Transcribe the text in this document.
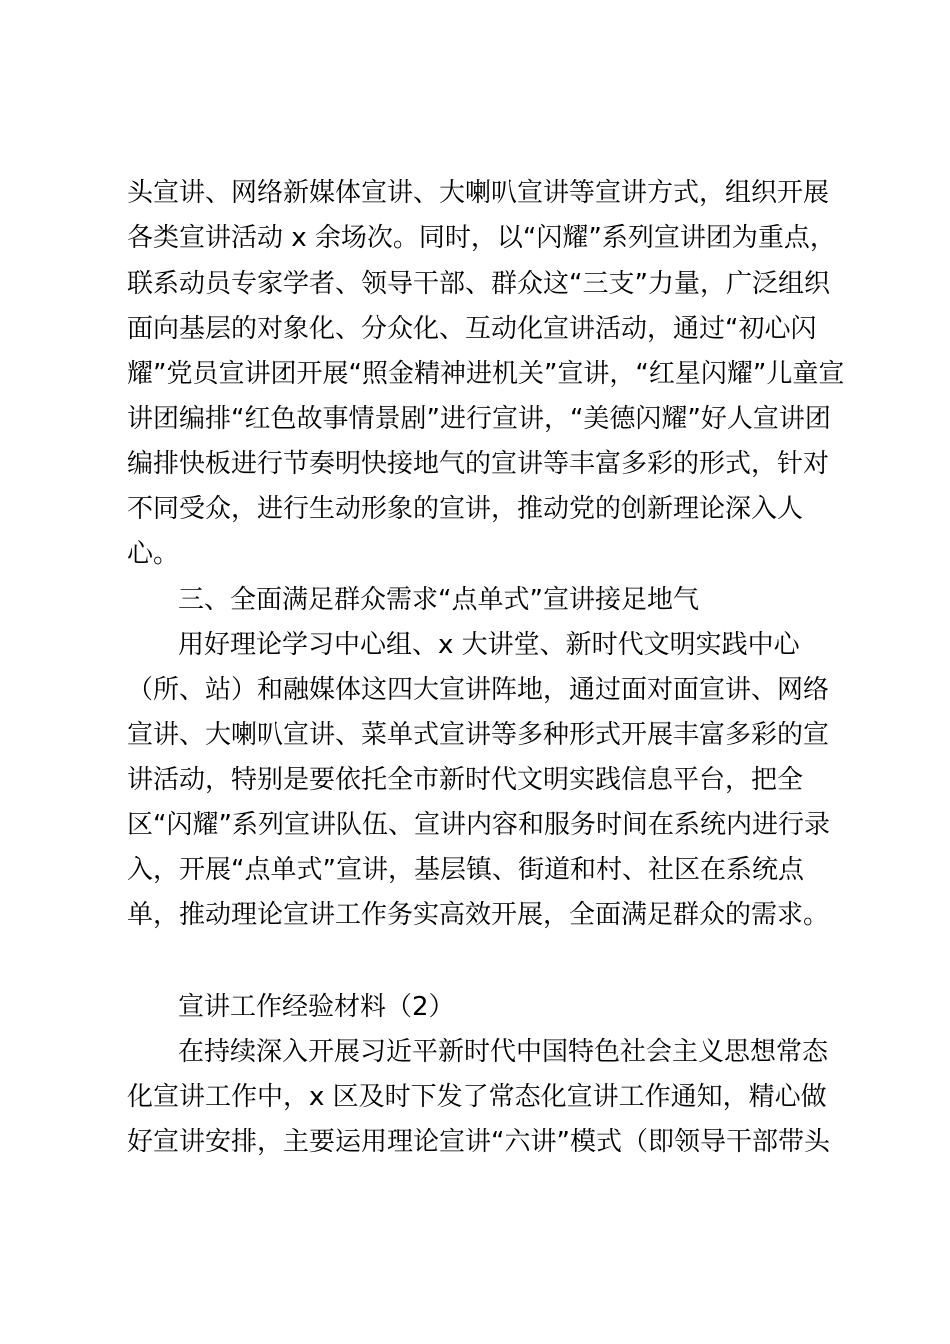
头宣讲、网络新媒体宣讲、大喇叭宣讲等宣讲方式，组织开展
各类宣讲活动 x 余场次。同时，以“闪耀”系列宣讲团为重点，
联系动员专家学者、领导干部、群众这“三支”力量，广泛组织
面向基层的对象化、分众化、互动化宣讲活动，通过“初心闪
耀”党员宣讲团开展“照金精神进机关”宣讲，“红星闪耀”儿童宣
讲团编排“红色故事情景剧”进行宣讲，“美德闪耀”好人宣讲团
编排快板进行节奏明快接地气的宣讲等丰富多彩的形式，针对
不同受众，进行生动形象的宣讲，推动党的创新理论深入人
心。
三、全面满足群众需求“点单式”宣讲接足地气
用好理论学习中心组、x 大讲堂、新时代文明实践中心
（所、站）和融媒体这四大宣讲阵地，通过面对面宣讲、网络
宣讲、大喇叭宣讲、菜单式宣讲等多种形式开展丰富多彩的宣
讲活动，特别是要依托全市新时代文明实践信息平台，把全
区“闪耀”系列宣讲队伍、宣讲内容和服务时间在系统内进行录
入，开展“点单式”宣讲，基层镇、街道和村、社区在系统点
单，推动理论宣讲工作务实高效开展，全面满足群众的需求。
宣讲工作经验材料（2）
在持续深入开展习近平新时代中国特色社会主义思想常态
化宣讲工作中，x 区及时下发了常态化宣讲工作通知，精心做
好宣讲安排，主要运用理论宣讲“六讲”模式（即领导干部带头
